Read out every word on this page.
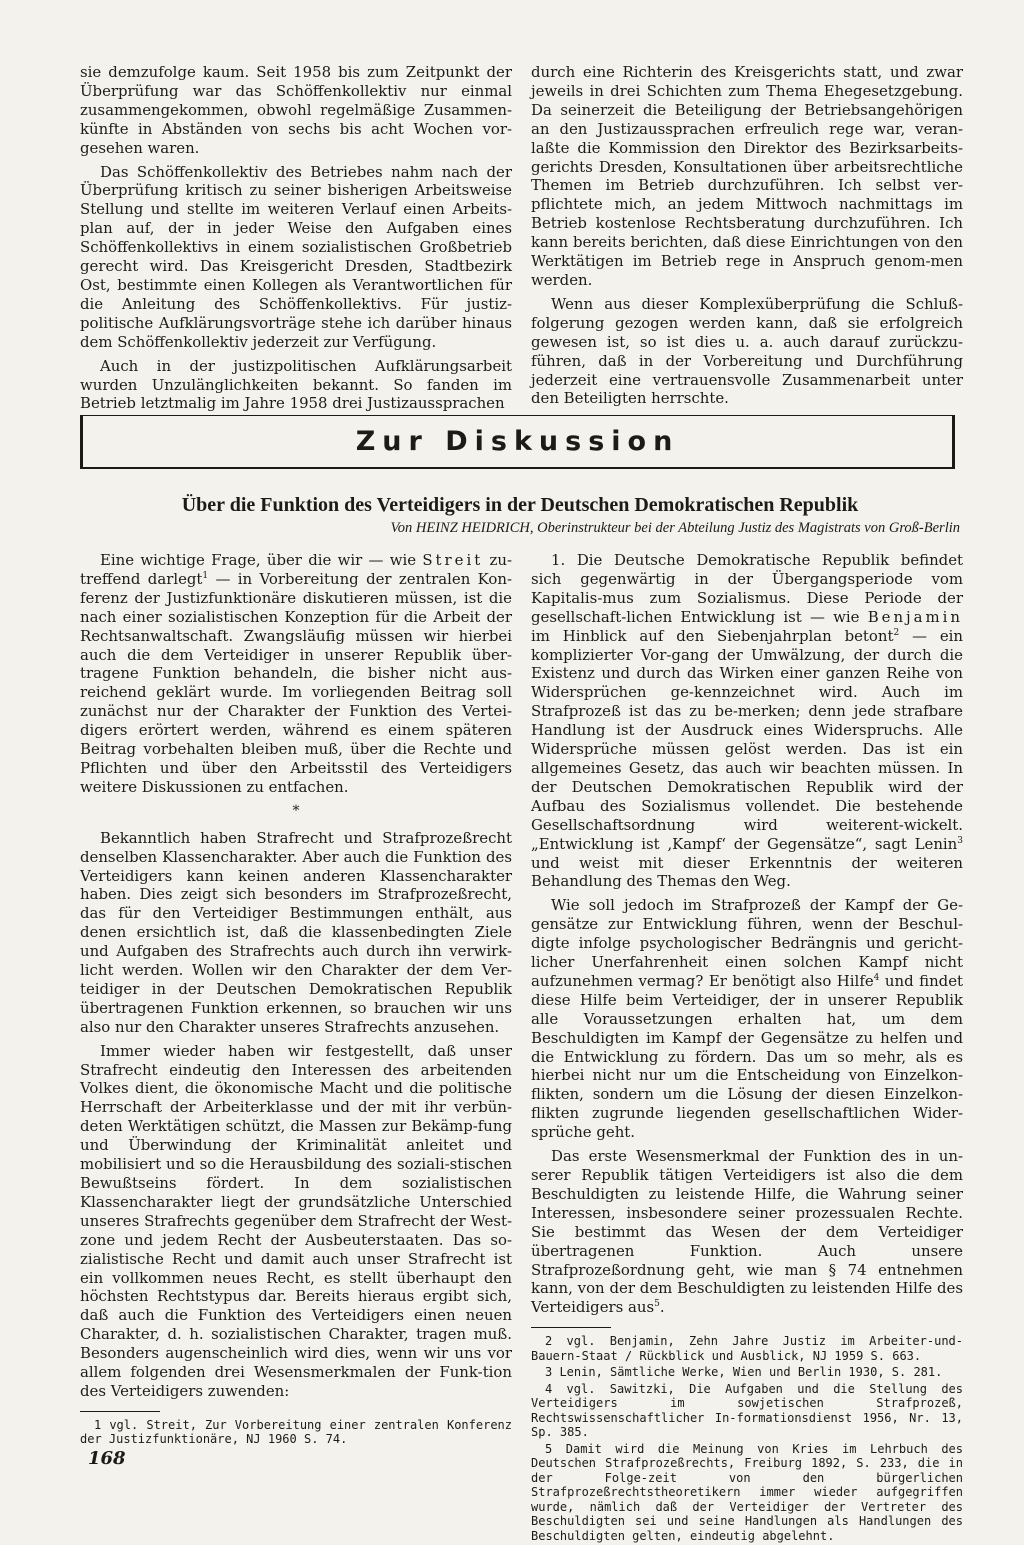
sie demzufolge kaum. Seit 1958 bis zum Zeitpunkt der Überprüfung war das Schöffenkollektiv nur einmal zusammengekommen, obwohl regelmäßige Zusammen-künfte in Abständen von sechs bis acht Wochen vor-gesehen waren.

Das Schöffenkollektiv des Betriebes nahm nach der Überprüfung kritisch zu seiner bisherigen Arbeitsweise Stellung und stellte im weiteren Verlauf einen Arbeits-plan auf, der in jeder Weise den Aufgaben eines Schöffenkollektivs in einem sozialistischen Großbetrieb gerecht wird. Das Kreisgericht Dresden, Stadtbezirk Ost, bestimmte einen Kollegen als Verantwortlichen für die Anleitung des Schöffenkollektivs. Für justiz-politische Aufklärungsvorträge stehe ich darüber hinaus dem Schöffenkollektiv jederzeit zur Verfügung.

Auch in der justizpolitischen Aufklärungsarbeit wurden Unzulänglichkeiten bekannt. So fanden im Betrieb letztmalig im Jahre 1958 drei Justizaussprachen

durch eine Richterin des Kreisgerichts statt, und zwar jeweils in drei Schichten zum Thema Ehegesetzgebung. Da seinerzeit die Beteiligung der Betriebsangehörigen an den Justizaussprachen erfreulich rege war, veran-laßte die Kommission den Direktor des Bezirksarbeits-gerichts Dresden, Konsultationen über arbeitsrechtliche Themen im Betrieb durchzuführen. Ich selbst ver-pflichtete mich, an jedem Mittwoch nachmittags im Betrieb kostenlose Rechtsberatung durchzuführen. Ich kann bereits berichten, daß diese Einrichtungen von den Werktätigen im Betrieb rege in Anspruch genom-men werden.

Wenn aus dieser Komplexüberprüfung die Schluß-folgerung gezogen werden kann, daß sie erfolgreich gewesen ist, so ist dies u. a. auch darauf zurückzu-führen, daß in der Vorbereitung und Durchführung jederzeit eine vertrauensvolle Zusammenarbeit unter den Beteiligten herrschte.

Zur Diskussion
Über die Funktion des Verteidigers in der Deutschen Demokratischen Republik
Von HEINZ HEIDRICH, Oberinstrukteur bei der Abteilung Justiz des Magistrats von Groß-Berlin

Eine wichtige Frage, über die wir — wie Streit zu-treffend darlegt$^1$ — in Vorbereitung der zentralen Kon-ferenz der Justizfunktionäre diskutieren müssen, ist die nach einer sozialistischen Konzeption für die Arbeit der Rechtsanwaltschaft. Zwangsläufig müssen wir hierbei auch die dem Verteidiger in unserer Republik über-tragene Funktion behandeln, die bisher nicht aus-reichend geklärt wurde. Im vorliegenden Beitrag soll zunächst nur der Charakter der Funktion des Vertei-digers erörtert werden, während es einem späteren Beitrag vorbehalten bleiben muß, über die Rechte und Pflichten und über den Arbeitsstil des Verteidigers weitere Diskussionen zu entfachen.

*

Bekanntlich haben Strafrecht und Strafprozeßrecht denselben Klassencharakter. Aber auch die Funktion des Verteidigers kann keinen anderen Klassencharakter haben. Dies zeigt sich besonders im Strafprozeßrecht, das für den Verteidiger Bestimmungen enthält, aus denen ersichtlich ist, daß die klassenbedingten Ziele und Aufgaben des Strafrechts auch durch ihn verwirk-licht werden. Wollen wir den Charakter der dem Ver-teidiger in der Deutschen Demokratischen Republik übertragenen Funktion erkennen, so brauchen wir uns also nur den Charakter unseres Strafrechts anzusehen.

Immer wieder haben wir festgestellt, daß unser Strafrecht eindeutig den Interessen des arbeitenden Volkes dient, die ökonomische Macht und die politische Herrschaft der Arbeiterklasse und der mit ihr verbün-deten Werktätigen schützt, die Massen zur Bekämp-fung und Überwindung der Kriminalität anleitet und mobilisiert und so die Herausbildung des soziali-stischen Bewußtseins fördert. In dem sozialistischen Klassencharakter liegt der grundsätzliche Unterschied unseres Strafrechts gegenüber dem Strafrecht der West-zone und jedem Recht der Ausbeuterstaaten. Das so-zialistische Recht und damit auch unser Strafrecht ist ein vollkommen neues Recht, es stellt überhaupt den höchsten Rechtstypus dar. Bereits hieraus ergibt sich, daß auch die Funktion des Verteidigers einen neuen Charakter, d. h. sozialistischen Charakter, tragen muß. Besonders augenscheinlich wird dies, wenn wir uns vor allem folgenden drei Wesensmerkmalen der Funk-tion des Verteidigers zuwenden:

1 vgl. Streit, Zur Vorbereitung einer zentralen Konferenz der Justizfunktionäre, NJ 1960 S. 74.

1. Die Deutsche Demokratische Republik befindet sich gegenwärtig in der Übergangsperiode vom Kapitalis-mus zum Sozialismus. Diese Periode der gesellschaft-lichen Entwicklung ist — wie Benjamin im Hinblick auf den Siebenjahrplan betont$^2$ — ein komplizierter Vor-gang der Umwälzung, der durch die Existenz und durch das Wirken einer ganzen Reihe von Widersprüchen ge-kennzeichnet wird. Auch im Strafprozeß ist das zu be-merken; denn jede strafbare Handlung ist der Ausdruck eines Widerspruchs. Alle Widersprüche müssen gelöst werden. Das ist ein allgemeines Gesetz, das auch wir beachten müssen. In der Deutschen Demokratischen Republik wird der Aufbau des Sozialismus vollendet. Die bestehende Gesellschaftsordnung wird weiterent-wickelt. „Entwicklung ist ‚Kampf‘ der Gegensätze“, sagt Lenin$^3$ und weist mit dieser Erkenntnis der weiteren Behandlung des Themas den Weg.

Wie soll jedoch im Strafprozeß der Kampf der Ge-gensätze zur Entwicklung führen, wenn der Beschul-digte infolge psychologischer Bedrängnis und gericht-licher Unerfahrenheit einen solchen Kampf nicht aufzunehmen vermag? Er benötigt also Hilfe$^4$ und findet diese Hilfe beim Verteidiger, der in unserer Republik alle Voraussetzungen erhalten hat, um dem Beschuldigten im Kampf der Gegensätze zu helfen und die Entwicklung zu fördern. Das um so mehr, als es hierbei nicht nur um die Entscheidung von Einzelkon-flikten, sondern um die Lösung der diesen Einzelkon-flikten zugrunde liegenden gesellschaftlichen Wider-sprüche geht.

Das erste Wesensmerkmal der Funktion des in un-serer Republik tätigen Verteidigers ist also die dem Beschuldigten zu leistende Hilfe, die Wahrung seiner Interessen, insbesondere seiner prozessualen Rechte. Sie bestimmt das Wesen der dem Verteidiger übertragenen Funktion. Auch unsere Strafprozeßordnung geht, wie man § 74 entnehmen kann, von der dem Beschuldigten zu leistenden Hilfe des Verteidigers aus$^5$.

2 vgl. Benjamin, Zehn Jahre Justiz im Arbeiter-und-Bauern-Staat / Rückblick und Ausblick, NJ 1959 S. 663.

3 Lenin, Sämtliche Werke, Wien und Berlin 1930, S. 281.

4 vgl. Sawitzki, Die Aufgaben und die Stellung des Verteidigers im sowjetischen Strafprozeß, Rechtswissenschaftlicher In-formationsdienst 1956, Nr. 13, Sp. 385.

5 Damit wird die Meinung von Kries im Lehrbuch des Deutschen Strafprozeßrechts, Freiburg 1892, S. 233, die in der Folge-zeit von den bürgerlichen Strafprozeßrechtstheoretikern immer wieder aufgegriffen wurde, nämlich daß der Verteidiger der Vertreter des Beschuldigten sei und seine Handlungen als Handlungen des Beschuldigten gelten, eindeutig abgelehnt.

168
